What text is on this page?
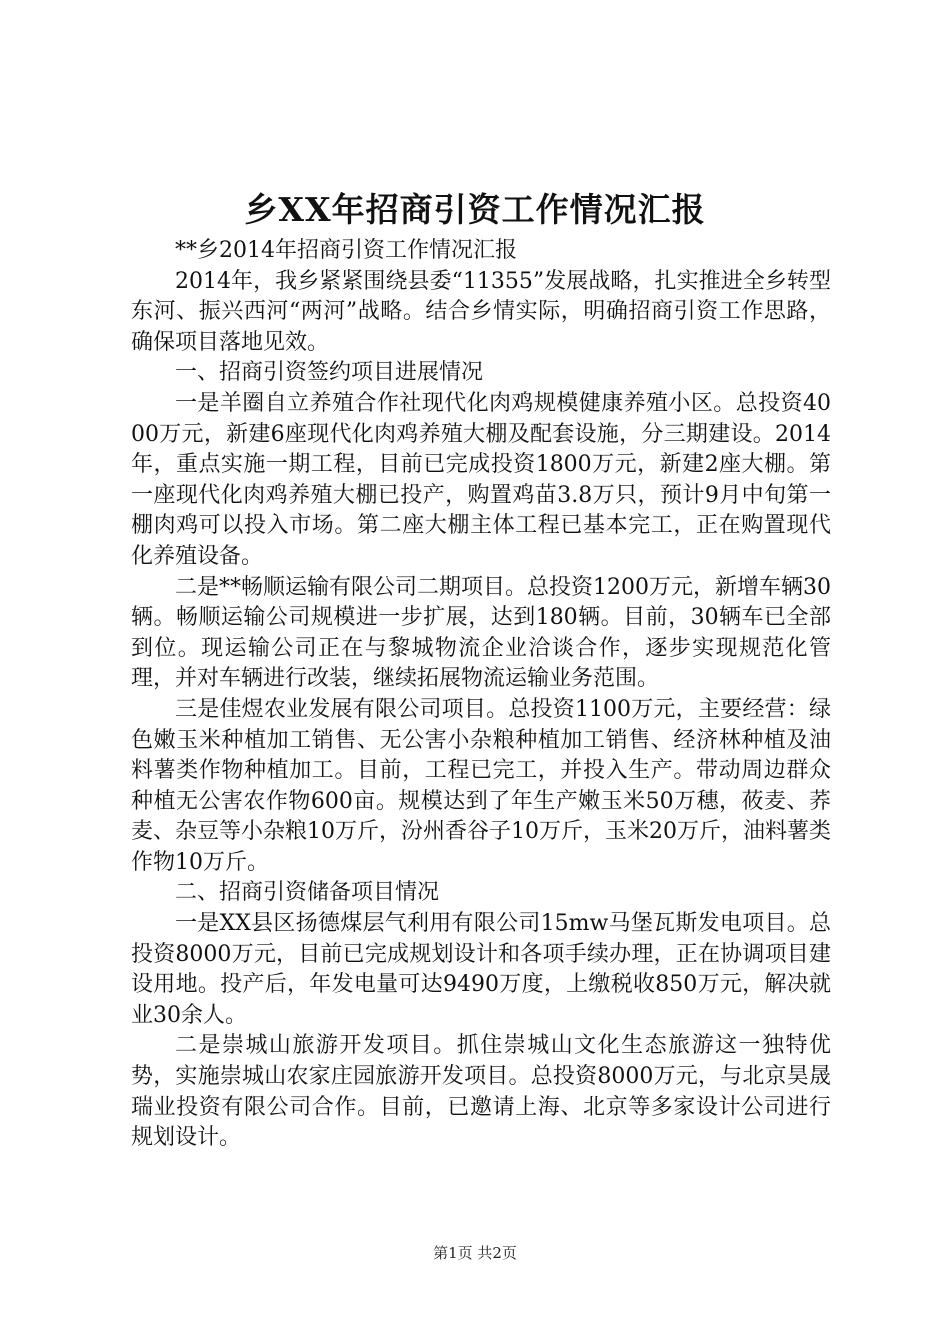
乡XX年招商引资工作情况汇报

**乡2014年招商引资工作情况汇报

2014年，我乡紧紧围绕县委“11355”发展战略，扎实推进全乡转型东河、振兴西河“两河”战略。结合乡情实际，明确招商引资工作思路，确保项目落地见效。

一、招商引资签约项目进展情况

一是羊圈自立养殖合作社现代化肉鸡规模健康养殖小区。总投资4000万元，新建6座现代化肉鸡养殖大棚及配套设施，分三期建设。2014年，重点实施一期工程，目前已完成投资1800万元，新建2座大棚。第一座现代化肉鸡养殖大棚已投产，购置鸡苗3.8万只，预计9月中旬第一棚肉鸡可以投入市场。第二座大棚主体工程已基本完工，正在购置现代化养殖设备。

二是**畅顺运输有限公司二期项目。总投资1200万元，新增车辆30辆。畅顺运输公司规模进一步扩展，达到180辆。目前，30辆车已全部到位。现运输公司正在与黎城物流企业洽谈合作，逐步实现规范化管理，并对车辆进行改装，继续拓展物流运输业务范围。

三是佳煜农业发展有限公司项目。总投资1100万元，主要经营：绿色嫩玉米种植加工销售、无公害小杂粮种植加工销售、经济林种植及油料薯类作物种植加工。目前，工程已完工，并投入生产。带动周边群众种植无公害农作物600亩。规模达到了年生产嫩玉米50万穗，莜麦、荞麦、杂豆等小杂粮10万斤，汾州香谷子10万斤，玉米20万斤，油料薯类作物10万斤。

二、招商引资储备项目情况

一是XX县区扬德煤层气利用有限公司15mw马堡瓦斯发电项目。总投资8000万元，目前已完成规划设计和各项手续办理，正在协调项目建设用地。投产后，年发电量可达9490万度，上缴税收850万元，解决就业30余人。

二是崇城山旅游开发项目。抓住崇城山文化生态旅游这一独特优势，实施崇城山农家庄园旅游开发项目。总投资8000万元，与北京昊晟瑞业投资有限公司合作。目前，已邀请上海、北京等多家设计公司进行规划设计。

第1页 共2页
